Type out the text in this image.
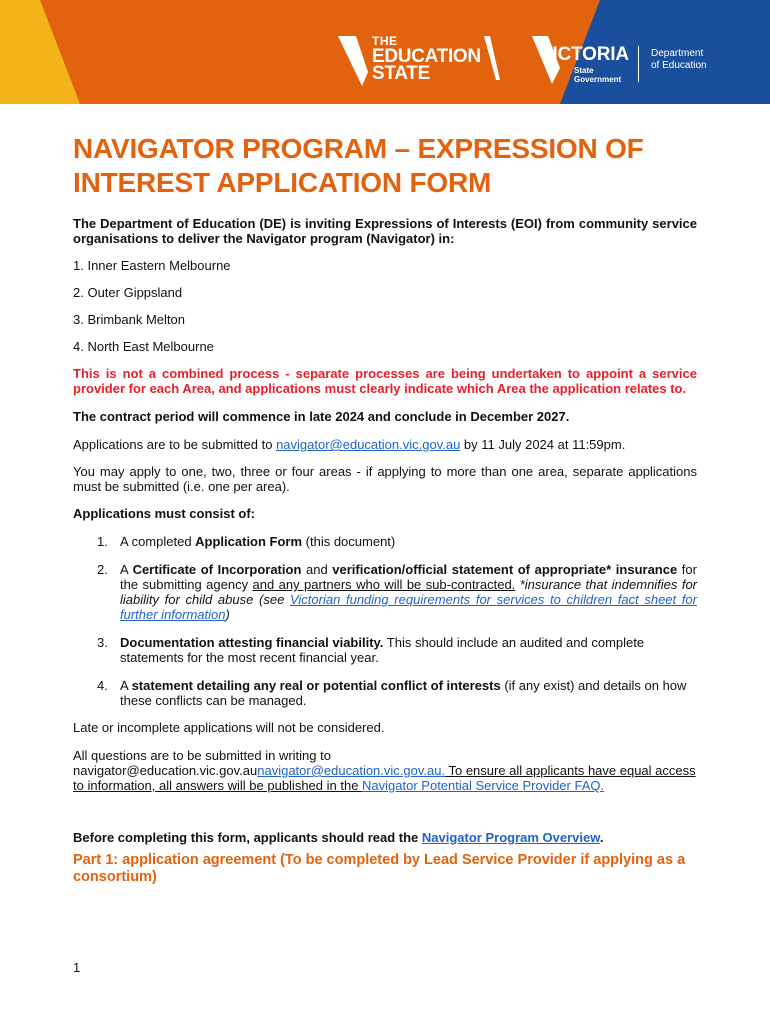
THE
EDUCATION
STATE
VICTORIA
State
Government
Department
of Education
NAVIGATOR PROGRAM – EXPRESSION OF INTEREST APPLICATION FORM

The Department of Education (DE) is inviting Expressions of Interests (EOI) from community service organisations to deliver the Navigator program (Navigator) in:

1. Inner Eastern Melbourne

2. Outer Gippsland

3. Brimbank Melton

4. North East Melbourne

This is not a combined process - separate processes are being undertaken to appoint a service provider for each Area, and applications must clearly indicate which Area the application relates to.

The contract period will commence in late 2024 and conclude in December 2027.

Applications are to be submitted to navigator@education.vic.gov.au by 11 July 2024 at 11:59pm.

You may apply to one, two, three or four areas - if applying to more than one area, separate applications must be submitted (i.e. one per area).

Applications must consist of:

1. A completed Application Form (this document)
2. A Certificate of Incorporation and verification/official statement of appropriate* insurance for the submitting agency and any partners who will be sub-contracted. *insurance that indemnifies for liability for child abuse (see Victorian funding requirements for services to children fact sheet for further information)
3. Documentation attesting financial viability. This should include an audited and complete statements for the most recent financial year.
4. A statement detailing any real or potential conflict of interests (if any exist) and details on how these conflicts can be managed.

Late or incomplete applications will not be considered.

All questions are to be submitted in writing to navigator@education.vic.gov.aunavigator@education.vic.gov.au. To ensure all applicants have equal access to information, all answers will be published in the Navigator Potential Service Provider FAQ.

Before completing this form, applicants should read the Navigator Program Overview.

Part 1: application agreement (To be completed by Lead Service Provider if applying as a consortium)

1
